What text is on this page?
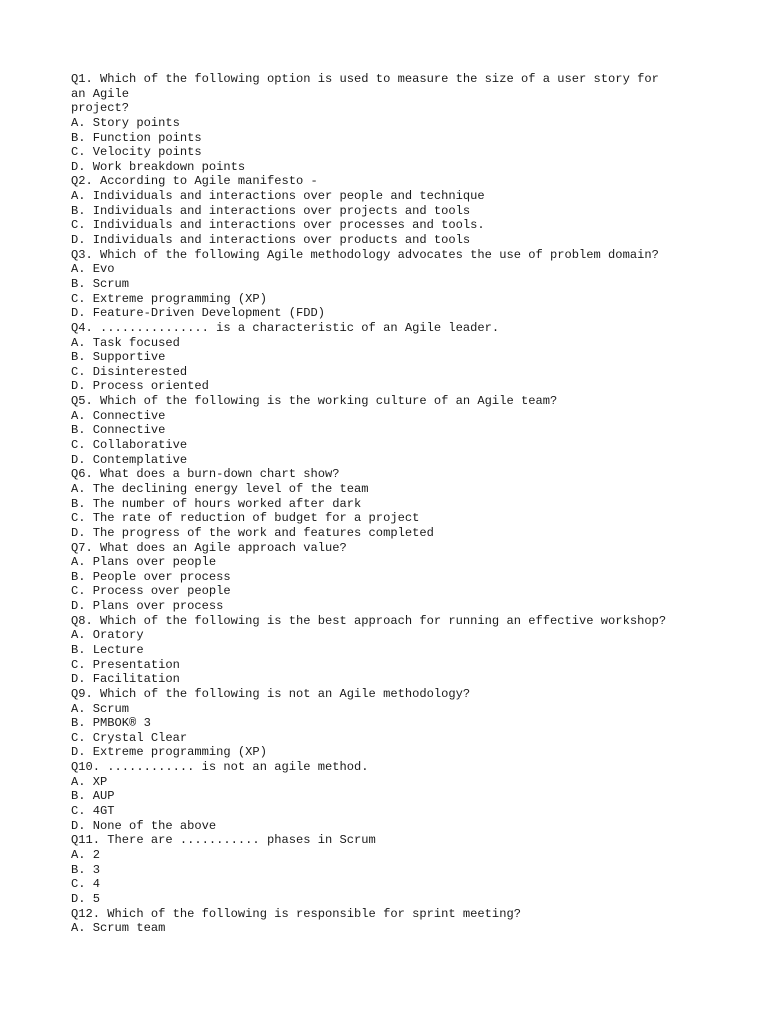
Q1. Which of the following option is used to measure the size of a user story for
an Agile
project?
A. Story points
B. Function points
C. Velocity points
D. Work breakdown points
Q2. According to Agile manifesto -
A. Individuals and interactions over people and technique
B. Individuals and interactions over projects and tools
C. Individuals and interactions over processes and tools.
D. Individuals and interactions over products and tools
Q3. Which of the following Agile methodology advocates the use of problem domain?
A. Evo
B. Scrum
C. Extreme programming (XP)
D. Feature-Driven Development (FDD)
Q4. ............... is a characteristic of an Agile leader.
A. Task focused
B. Supportive
C. Disinterested
D. Process oriented
Q5. Which of the following is the working culture of an Agile team?
A. Connective
B. Connective
C. Collaborative
D. Contemplative
Q6. What does a burn-down chart show?
A. The declining energy level of the team
B. The number of hours worked after dark
C. The rate of reduction of budget for a project
D. The progress of the work and features completed
Q7. What does an Agile approach value?
A. Plans over people
B. People over process
C. Process over people
D. Plans over process
Q8. Which of the following is the best approach for running an effective workshop?
A. Oratory
B. Lecture
C. Presentation
D. Facilitation
Q9. Which of the following is not an Agile methodology?
A. Scrum
B. PMBOK® 3
C. Crystal Clear
D. Extreme programming (XP)
Q10. ............ is not an agile method.
A. XP
B. AUP
C. 4GT
D. None of the above
Q11. There are ........... phases in Scrum
A. 2
B. 3
C. 4
D. 5
Q12. Which of the following is responsible for sprint meeting?
A. Scrum team
